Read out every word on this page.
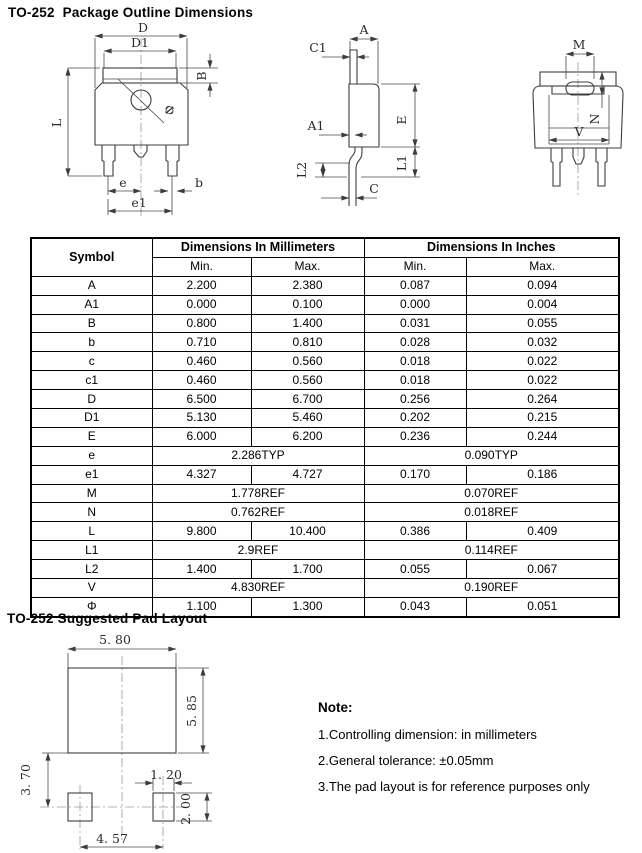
TO-252  Package Outline Dimensions
D
D1
B
L
Φ
e	b
e1
A
C1
A1	E
L1
L2
C
M
N
V
Symbol	Dimensions In Millimeters		Dimensions In Inches	
	Min.	Max.	Min.	Max.
A	2.200	2.380	0.087	0.094
A1	0.000	0.100	0.000	0.004
B	0.800	1.400	0.031	0.055
b	0.710	0.810	0.028	0.032
c	0.460	0.560	0.018	0.022
c1	0.460	0.560	0.018	0.022
D	6.500	6.700	0.256	0.264
D1	5.130	5.460	0.202	0.215
E	6.000	6.200	0.236	0.244
e	2.286TYP		0.090TYP	
e1	4.327	4.727	0.170	0.186
M	1.778REF		0.070REF	
N	0.762REF		0.018REF	
L	9.800	10.400	0.386	0.409
L1	2.9REF		0.114REF	
L2	1.400	1.700	0.055	0.067
V	4.830REF		0.190REF	
Φ	1.100	1.300	0.043	0.051
TO-252 Suggested Pad Layout
5. 80
5. 85
3. 70	1. 20
2. 00
4. 57

Note:

1.Controlling dimension: in millimeters

2.General tolerance: ±0.05mm

3.The pad layout is for reference purposes only
